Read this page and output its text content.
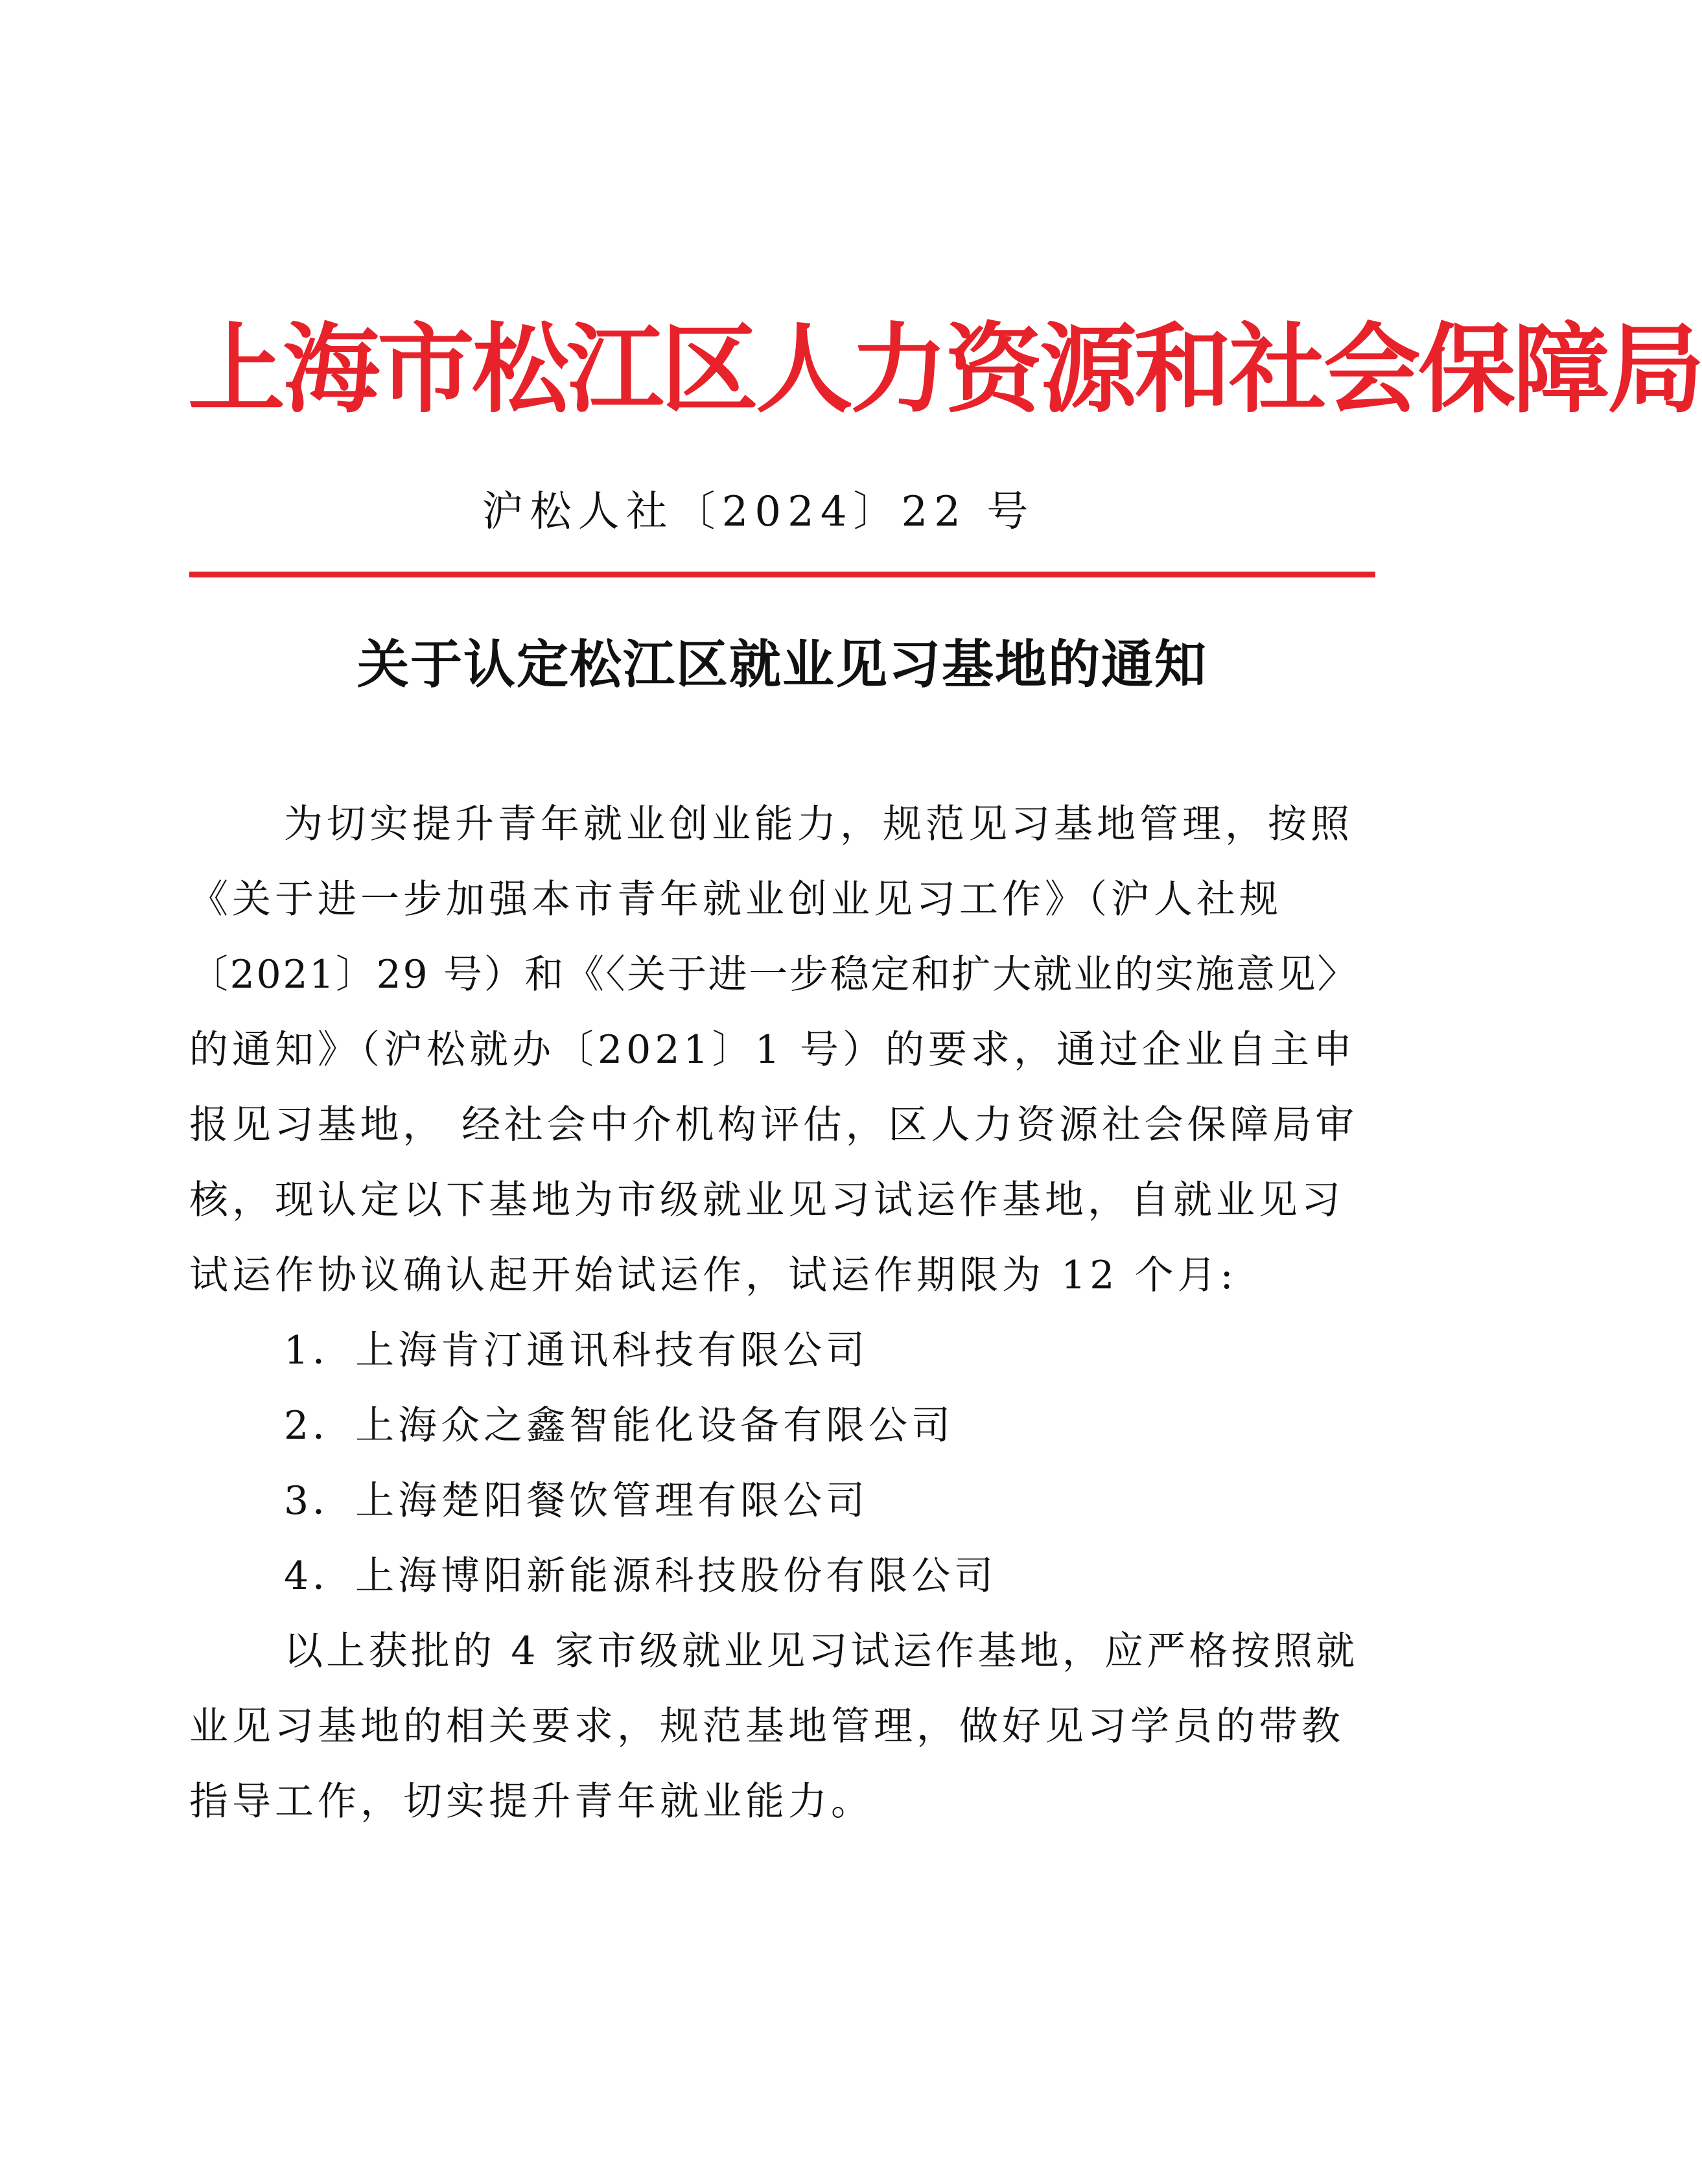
上海市松江区人力资源和社会保障局
沪松人社〔2024〕22 号
关于认定松江区就业见习基地的通知
为切实提升青年就业创业能力，规范见习基地管理，按照
《关于进一步加强本市青年就业创业见习工作》（沪人社规
〔2021〕29 号）和《〈关于进一步稳定和扩大就业的实施意见〉
的通知》（沪松就办〔2021〕1 号）的要求，通过企业自主申
报见习基地， 经社会中介机构评估，区人力资源社会保障局审
核，现认定以下基地为市级就业见习试运作基地，自就业见习
试运作协议确认起开始试运作，试运作期限为 12 个月:
1．上海肯汀通讯科技有限公司
2．上海众之鑫智能化设备有限公司
3．上海楚阳餐饮管理有限公司
4．上海博阳新能源科技股份有限公司
以上获批的 4 家市级就业见习试运作基地，应严格按照就
业见习基地的相关要求，规范基地管理，做好见习学员的带教
指导工作，切实提升青年就业能力。
